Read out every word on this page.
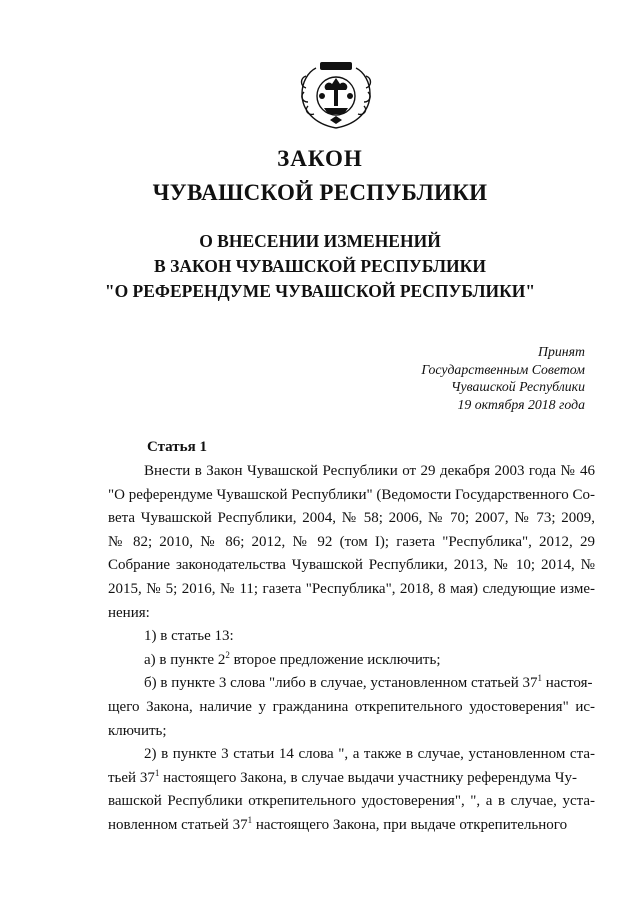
ЗАКОН
ЧУВАШСКОЙ РЕСПУБЛИКИ
О ВНЕСЕНИИ ИЗМЕНЕНИЙ
В ЗАКОН ЧУВАШСКОЙ РЕСПУБЛИКИ
"О РЕФЕРЕНДУМЕ ЧУВАШСКОЙ РЕСПУБЛИКИ"
Принят
Государственным Советом
Чувашской Республики
19 октября 2018 года
Статья 1
Внести в Закон Чувашской Республики от 29 декабря 2003 года № 46
"О референдуме Чувашской Республики" (Ведомости Государственного Со-
вета Чувашской Республики, 2004, № 58; 2006, № 70; 2007, № 73; 2009,
№ 82; 2010, № 86; 2012, № 92 (том I); газета "Республика", 2012, 29
Собрание законодательства Чувашской Республики, 2013, № 10; 2014, №
2015, № 5; 2016, № 11; газета "Республика", 2018, 8 мая) следующие изме-
нения:
1) в статье 13:
а) в пункте $2^2$ второе предложение исключить;
б) в пункте 3 слова "либо в случае, установленном статьей $37^1$ настоя-
щего Закона, наличие у гражданина открепительного удостоверения" ис-
ключить;
2) в пункте 3 статьи 14 слова ", а также в случае, установленном ста-
тьей $37^1$ настоящего Закона, в случае выдачи участнику референдума Чу-
вашской Республики открепительного удостоверения", ", а в случае, уста-
новленном статьей $37^1$ настоящего Закона, при выдаче открепительного
